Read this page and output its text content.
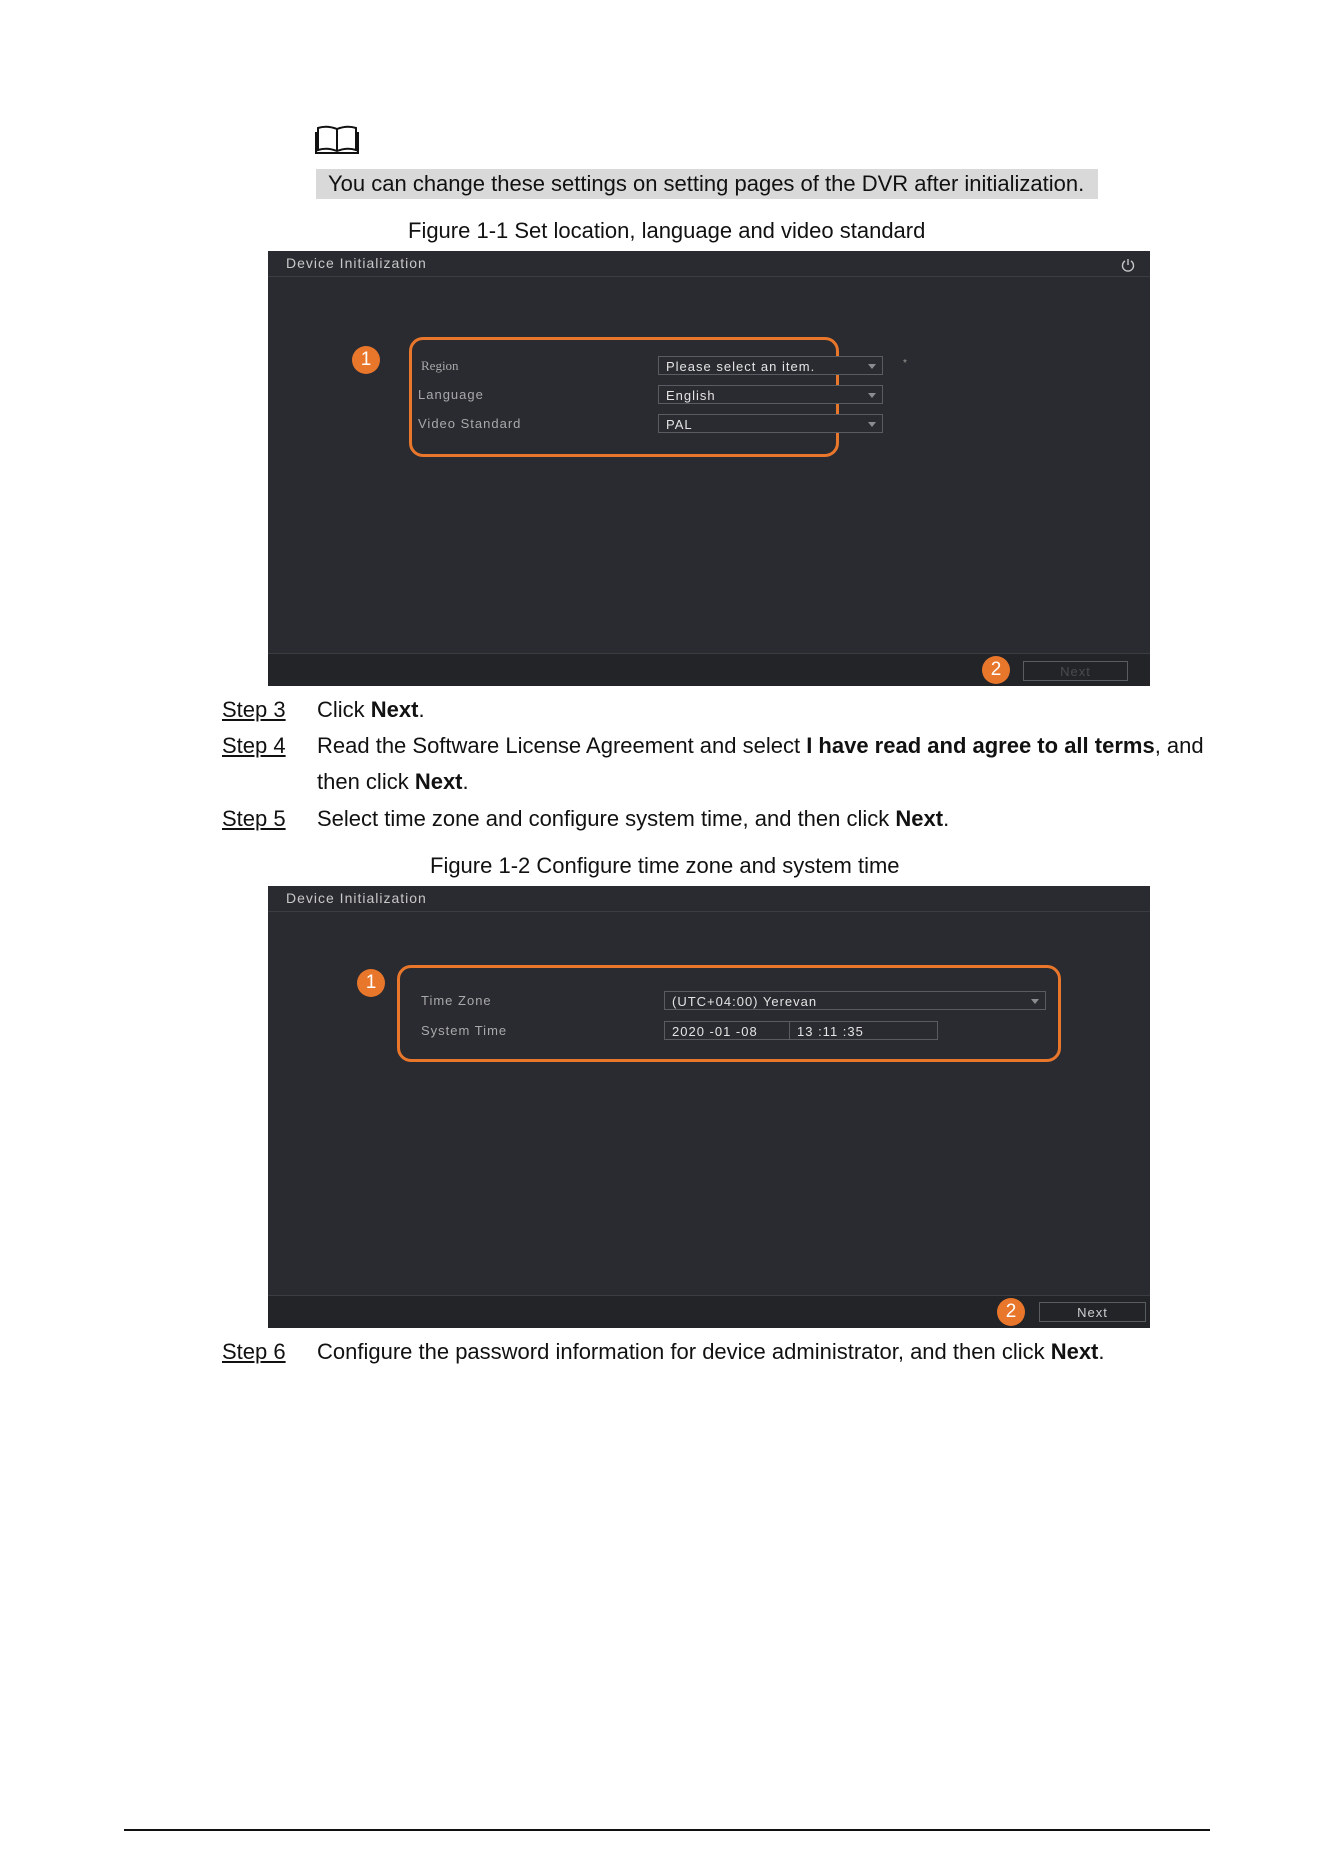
You can change these settings on setting pages of the DVR after initialization.
Figure 1-1 Set location, language and video standard
Device Initialization
1	Region	Please select an item.	*
Language	English
Video Standard	PAL
2	Next
Step 3 Click Next.
Step 4 Read the Software License Agreement and select I have read and agree to all terms, and
then click Next.
Step 5 Select time zone and configure system time, and then click Next.
Figure 1-2 Configure time zone and system time
Device Initialization
1
Time Zone	(UTC+04:00) Yerevan
System Time	2020 -01 -08	13 :11 :35
2	Next
Step 6 Configure the password information for device administrator, and then click Next.
